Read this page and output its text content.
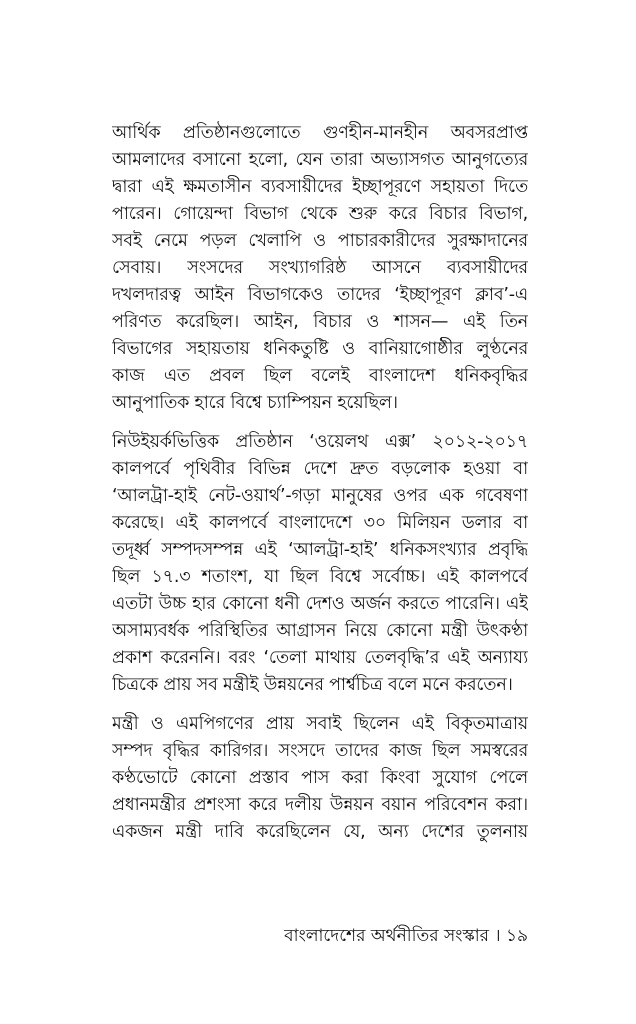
আর্থিক প্রতিষ্ঠানগুলোতে গুণহীন-মানহীন অবসরপ্রাপ্ত
আমলাদের বসানো হলো, যেন তারা অভ্যাসগত আনুগত্যের
দ্বারা এই ক্ষমতাসীন ব্যবসায়ীদের ইচ্ছাপূরণে সহায়তা দিতে
পারেন। গোয়েন্দা বিভাগ থেকে শুরু করে বিচার বিভাগ,
সবই নেমে পড়ল খেলাপি ও পাচারকারীদের সুরক্ষাদানের
সেবায়। সংসদের সংখ্যাগরিষ্ঠ আসনে ব্যবসায়ীদের
দখলদারত্ব আইন বিভাগকেও তাদের ‘ইচ্ছাপূরণ ক্লাব’-এ
পরিণত করেছিল। আইন, বিচার ও শাসন— এই তিন
বিভাগের সহায়তায় ধনিকতুষ্টি ও বানিয়াগোষ্ঠীর লুণ্ঠনের
কাজ এত প্রবল ছিল বলেই বাংলাদেশ ধনিকবৃদ্ধির
আনুপাতিক হারে বিশ্বে চ্যাম্পিয়ন হয়েছিল।
নিউইয়র্কভিত্তিক প্রতিষ্ঠান ‘ওয়েলথ এক্স’ ২০১২-২০১৭
কালপর্বে পৃথিবীর বিভিন্ন দেশে দ্রুত বড়লোক হওয়া বা
‘আলট্রা-হাই নেট-ওয়ার্থ’-গড়া মানুষের ওপর এক গবেষণা
করেছে। এই কালপর্বে বাংলাদেশে ৩০ মিলিয়ন ডলার বা
তদূর্ধ্ব সম্পদসম্পন্ন এই ‘আলট্রা-হাই’ ধনিকসংখ্যার প্রবৃদ্ধি
ছিল ১৭.৩ শতাংশ, যা ছিল বিশ্বে সর্বোচ্চ। এই কালপর্বে
এতটা উচ্চ হার কোনো ধনী দেশও অর্জন করতে পারেনি। এই
অসাম্যবর্ধক পরিস্থিতির আগ্রাসন নিয়ে কোনো মন্ত্রী উৎকণ্ঠা
প্রকাশ করেননি। বরং ‘তেলা মাথায় তেলবৃদ্ধি’র এই অন্যায্য
চিত্রকে প্রায় সব মন্ত্রীই উন্নয়নের পার্শ্বচিত্র বলে মনে করতেন।
মন্ত্রী ও এমপিগণের প্রায় সবাই ছিলেন এই বিকৃতমাত্রায়
সম্পদ বৃদ্ধির কারিগর। সংসদে তাদের কাজ ছিল সমস্বরের
কণ্ঠভোটে কোনো প্রস্তাব পাস করা কিংবা সুযোগ পেলে
প্রধানমন্ত্রীর প্রশংসা করে দলীয় উন্নয়ন বয়ান পরিবেশন করা।
একজন মন্ত্রী দাবি করেছিলেন যে, অন্য দেশের তুলনায়
বাংলাদেশের অর্থনীতির সংস্কার । ১৯
